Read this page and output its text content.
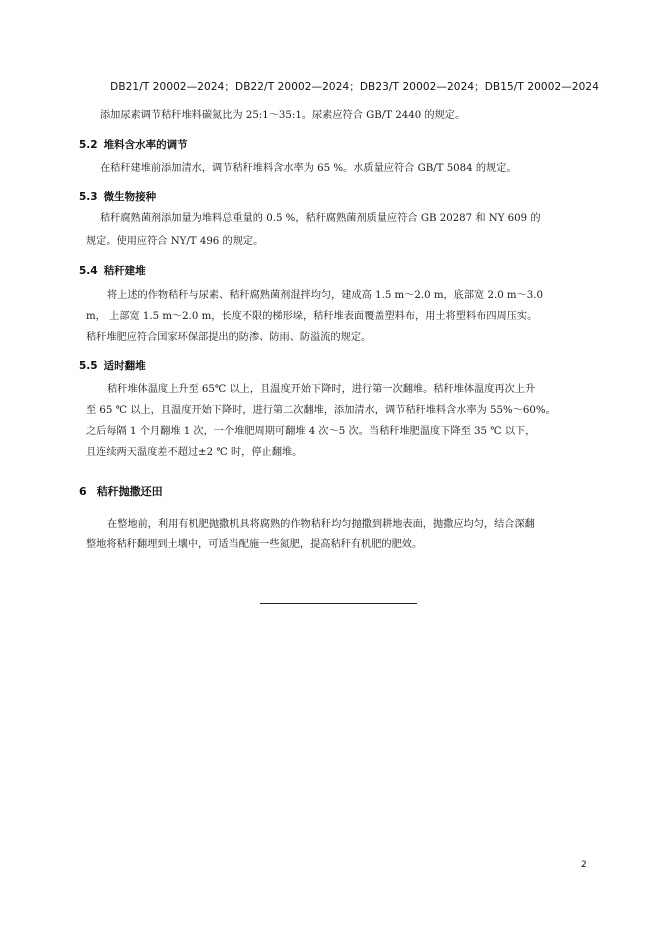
DB21/T 20002—2024；DB22/T 20002—2024；DB23/T 20002—2024；DB15/T 20002—2024
添加尿素调节秸秆堆料碳氮比为 25:1～35:1。尿素应符合 GB/T 2440 的规定。
5.2 堆料含水率的调节
在秸秆建堆前添加清水，调节秸秆堆料含水率为 65 %。水质量应符合 GB/T 5084 的规定。
5.3 微生物接种
秸秆腐熟菌剂添加量为堆料总重量的 0.5 %，秸秆腐熟菌剂质量应符合 GB 20287 和 NY 609 的
规定。使用应符合 NY/T 496 的规定。
5.4 秸秆建堆
将上述的作物秸秆与尿素、秸秆腐熟菌剂混拌均匀，建成高 1.5 m～2.0 m，底部宽 2.0 m～3.0
m， 上部宽 1.5 m～2.0 m，长度不限的梯形垛，秸秆堆表面覆盖塑料布，用土将塑料布四周压实。
秸秆堆肥应符合国家环保部提出的防渗、防雨、防溢流的规定。
5.5 适时翻堆
秸秆堆体温度上升至 65℃ 以上，且温度开始下降时，进行第一次翻堆。秸秆堆体温度再次上升
至 65 ℃ 以上，且温度开始下降时，进行第二次翻堆，添加清水，调节秸秆堆料含水率为 55%～60%。
之后每隔 1 个月翻堆 1 次，一个堆肥周期可翻堆 4 次～5 次。当秸秆堆肥温度下降至 35 ℃ 以下，
且连续两天温度差不超过±2 ℃ 时，停止翻堆。
6 秸秆抛撒还田
在整地前，利用有机肥抛撒机具将腐熟的作物秸秆均匀抛撒到耕地表面，抛撒应均匀，结合深翻
整地将秸秆翻埋到土壤中，可适当配施一些氮肥，提高秸秆有机肥的肥效。
2
